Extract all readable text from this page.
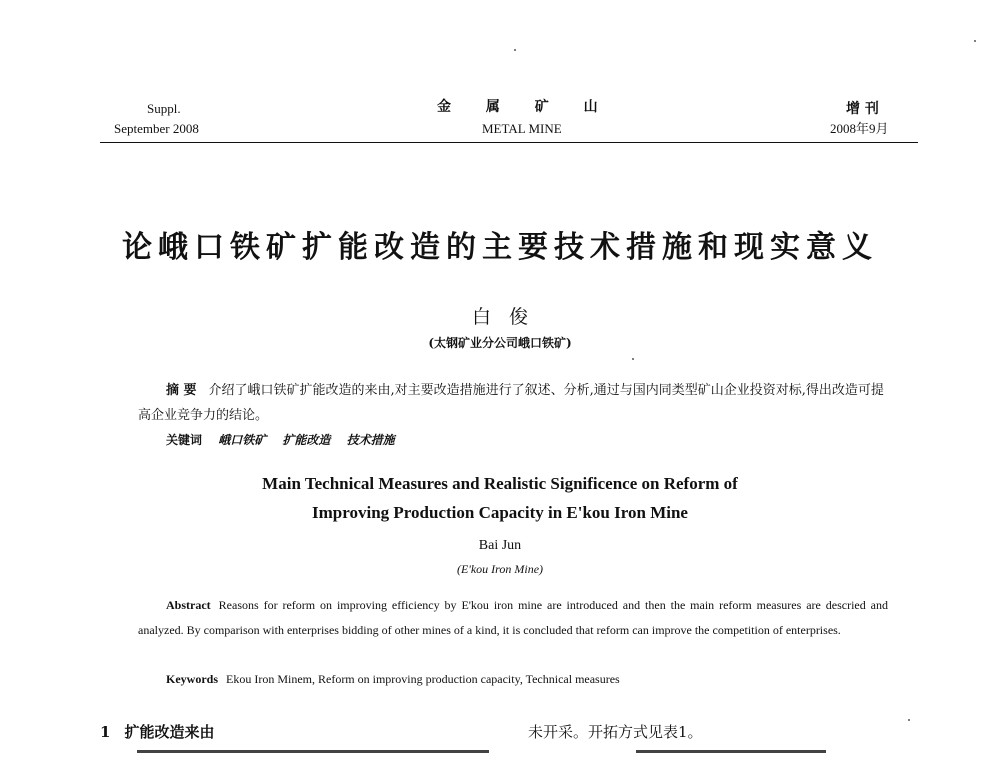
Suppl.
September 2008
金 属 矿 山
METAL MINE
增 刊
2008年9月
论峨口铁矿扩能改造的主要技术措施和现实意义
白俊
(太钢矿业分公司峨口铁矿)
摘 要 介绍了峨口铁矿扩能改造的来由,对主要改造措施进行了叙述、分析,通过与国内同类型矿山企业投资对标,得出改造可提高企业竞争力的结论。
关键词 峨口铁矿 扩能改造 技术措施
Main Technical Measures and Realistic Significence on Reform of
Improving Production Capacity in E'kou Iron Mine
Bai Jun
(E'kou Iron Mine)
Abstract Reasons for reform on improving efficiency by E'kou iron mine are introduced and then the main reform measures are descried and analyzed. By comparison with enterprises bidding of other mines of a kind, it is concluded that reform can improve the competition of enterprises.
Keywords Ekou Iron Minem, Reform on improving production capacity, Technical measures
1 扩能改造来由	未开采。开拓方式见表1。
